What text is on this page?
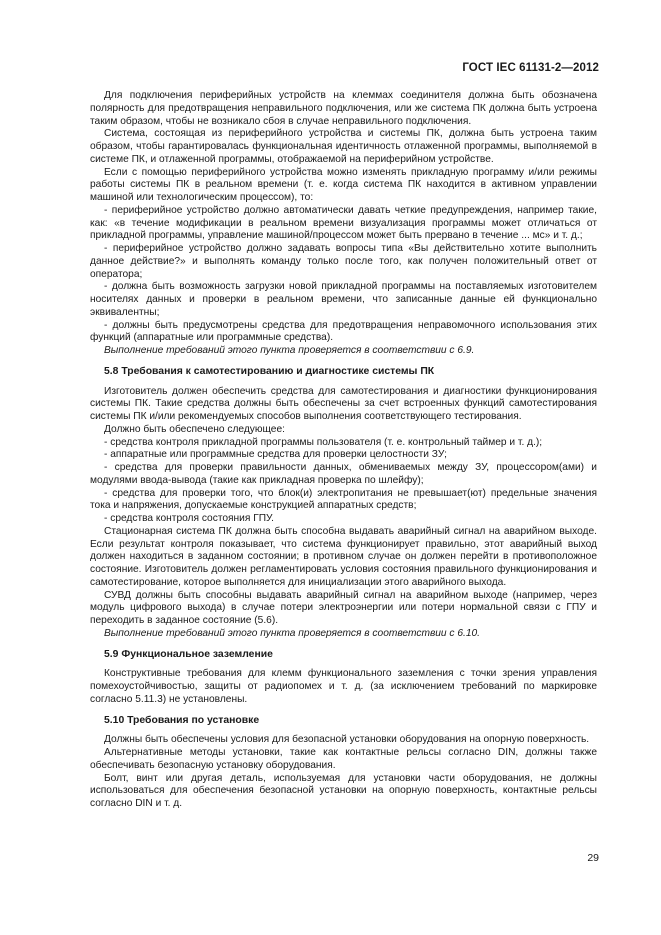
ГОСТ IEC 61131-2—2012

Для подключения периферийных устройств на клеммах соединителя должна быть обозначена полярность для предотвращения неправильного подключения, или же система ПК должна быть устроена таким образом, чтобы не возникало сбоя в случае неправильного подключения.

Система, состоящая из периферийного устройства и системы ПК, должна быть устроена таким образом, чтобы гарантировалась функциональная идентичность отлаженной программы, выполняемой в системе ПК, и отлаженной программы, отображаемой на периферийном устройстве.

Если с помощью периферийного устройства можно изменять прикладную программу и/или режимы работы системы ПК в реальном времени (т. е. когда система ПК находится в активном управлении машиной или технологическим процессом), то:

- периферийное устройство должно автоматически давать четкие предупреждения, например такие, как: «в течение модификации в реальном времени визуализация программы может отличаться от прикладной программы, управление машиной/процессом может быть прервано в течение ... мс» и т. д.;

- периферийное устройство должно задавать вопросы типа «Вы действительно хотите выполнить данное действие?» и выполнять команду только после того, как получен положительный ответ от оператора;

- должна быть возможность загрузки новой прикладной программы на поставляемых изготовителем носителях данных и проверки в реальном времени, что записанные данные ей функционально эквивалентны;

- должны быть предусмотрены средства для предотвращения неправомочного использования этих функций (аппаратные или программные средства).

Выполнение требований этого пункта проверяется в соответствии с 6.9.

5.8 Требования к самотестированию и диагностике системы ПК

Изготовитель должен обеспечить средства для самотестирования и диагностики функционирования системы ПК. Такие средства должны быть обеспечены за счет встроенных функций самотестирования системы ПК и/или рекомендуемых способов выполнения соответствующего тестирования.

Должно быть обеспечено следующее:

- средства контроля прикладной программы пользователя (т. е. контрольный таймер и т. д.);

- аппаратные или программные средства для проверки целостности ЗУ;

- средства для проверки правильности данных, обмениваемых между ЗУ, процессором(ами) и модулями ввода-вывода (такие как прикладная проверка по шлейфу);

- средства для проверки того, что блок(и) электропитания не превышает(ют) предельные значения тока и напряжения, допускаемые конструкцией аппаратных средств;

- средства контроля состояния ГПУ.

Стационарная система ПК должна быть способна выдавать аварийный сигнал на аварийном выходе. Если результат контроля показывает, что система функционирует правильно, этот аварийный выход должен находиться в заданном состоянии; в противном случае он должен перейти в противоположное состояние. Изготовитель должен регламентировать условия состояния правильного функционирования и самотестирование, которое выполняется для инициализации этого аварийного выхода.

СУВД должны быть способны выдавать аварийный сигнал на аварийном выходе (например, через модуль цифрового выхода) в случае потери электроэнергии или потери нормальной связи с ГПУ и переходить в заданное состояние (5.6).

Выполнение требований этого пункта проверяется в соответствии с 6.10.

5.9 Функциональное заземление

Конструктивные требования для клемм функционального заземления с точки зрения управления помехоустойчивостью, защиты от радиопомех и т. д. (за исключением требований по маркировке согласно 5.11.3) не установлены.

5.10 Требования по установке

Должны быть обеспечены условия для безопасной установки оборудования на опорную поверхность.

Альтернативные методы установки, такие как контактные рельсы согласно DIN, должны также обеспечивать безопасную установку оборудования.

Болт, винт или другая деталь, используемая для установки части оборудования, не должны использоваться для обеспечения безопасной установки на опорную поверхность, контактные рельсы согласно DIN и т. д.

29
